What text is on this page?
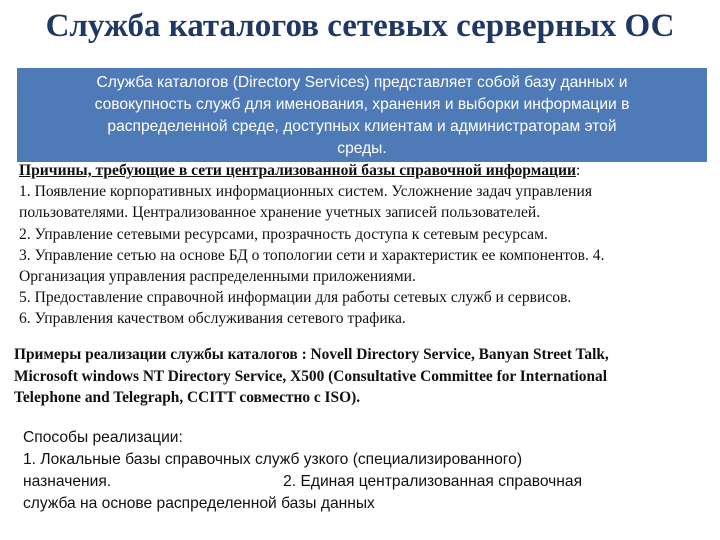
Служба каталогов сетевых серверных ОС
Служба каталогов (Directory Services) представляет собой базу данных и
совокупность служб для именования, хранения и выборки информации в
распределенной среде, доступных клиентам и администраторам этой
среды.
Причины, требующие в сети централизованной базы справочной информации:
1. Появление корпоративных информационных систем. Усложнение задач управления
пользователями. Централизованное хранение учетных записей пользователей.
2. Управление сетевыми ресурсами, прозрачность доступа к сетевым ресурсам.
3. Управление сетью на основе БД о топологии сети и характеристик ее компонентов. 4.
Организация управления распределенными приложениями.
5. Предоставление справочной информации для работы сетевых служб и сервисов.
6. Управления качеством обслуживания сетевого трафика.
Примеры реализации службы каталогов : Novell Directory Service, Banyan Street Talk,
Microsoft windows NT Directory Service, X500 (Consultative Committee for International
Telephone and Telegraph, CCITT совместно с ISO).
Способы реализации:
1. Локальные базы справочных служб узкого (специализированного)
назначения.	2. Единая централизованная справочная
служба на основе распределенной базы данных
